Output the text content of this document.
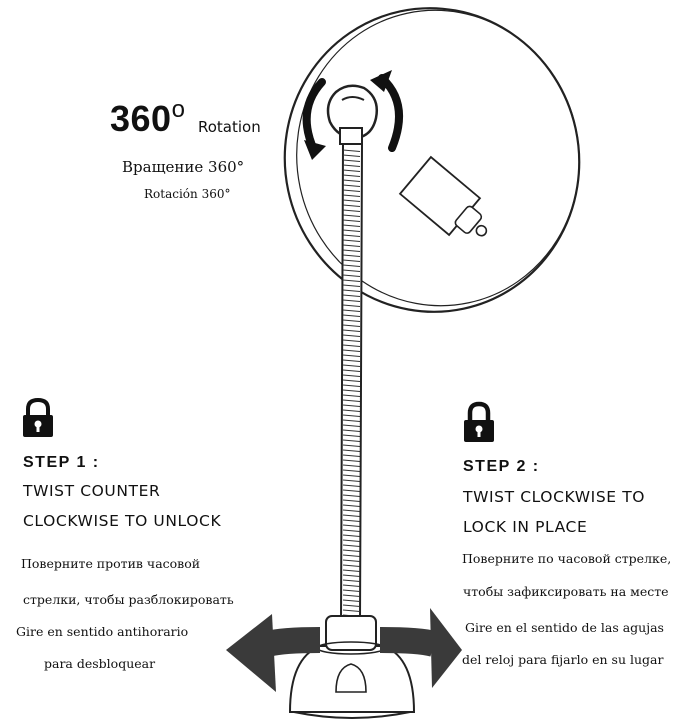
360$^o$
Rotation
Вращение 360°
Rotación 360°
STEP 1 :
TWIST COUNTER
CLOCKWISE TO UNLOCK
Поверните против часовой
стрелки, чтобы разблокировать
Gire en sentido antihorario
para desbloquear
STEP 2 :
TWIST CLOCKWISE TO
LOCK IN PLACE
Поверните по часовой стрелке,
чтобы зафиксировать на месте
Gire en el sentido de las agujas
del reloj para fijarlo en su lugar
